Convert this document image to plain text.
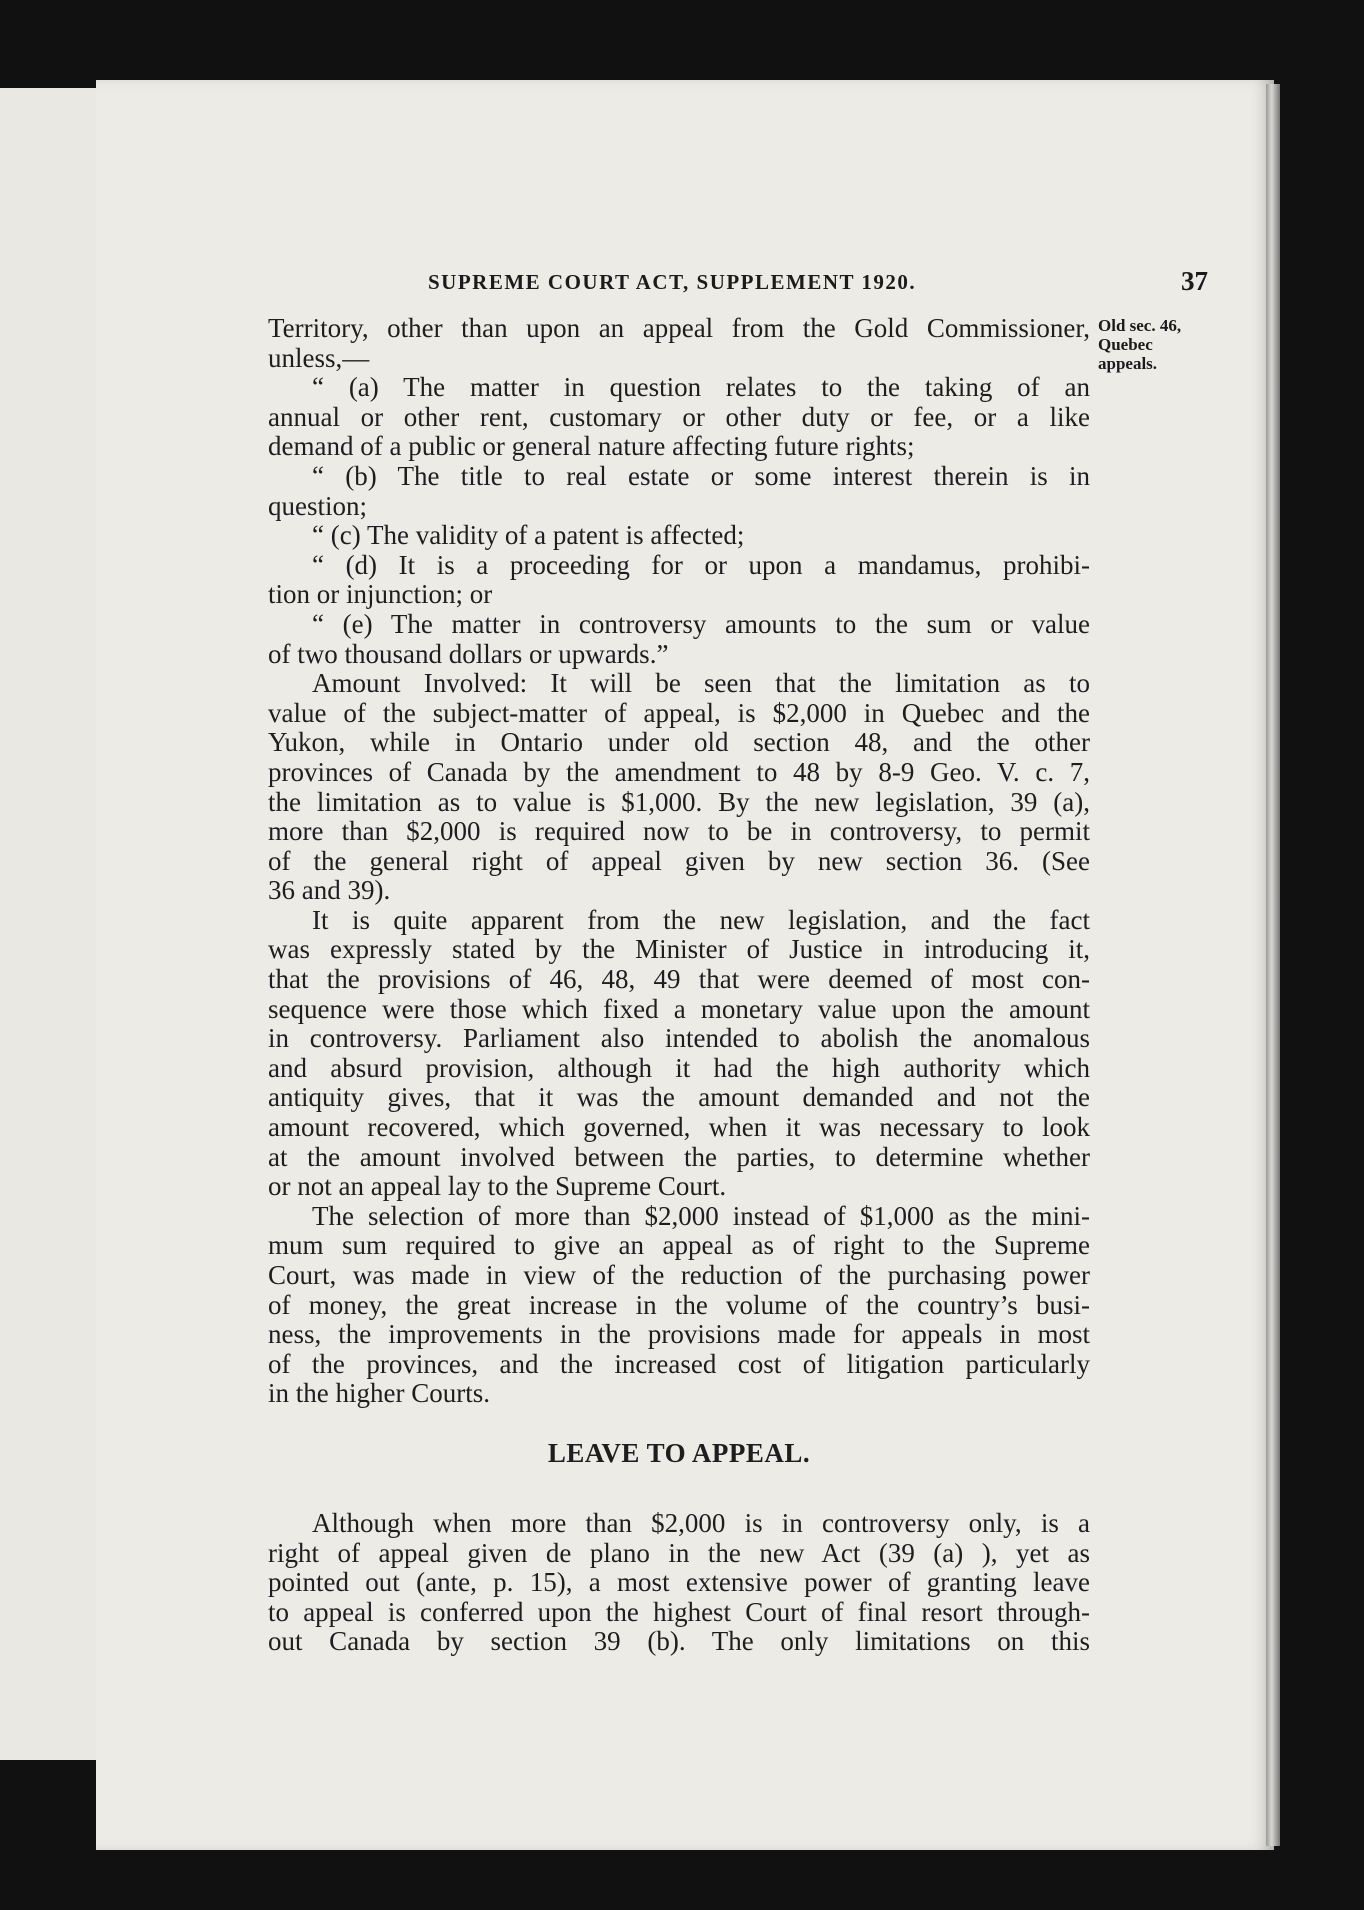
SUPREME COURT ACT, SUPPLEMENT 1920.	37
Old sec. 46,
Quebec
appeals.
Territory, other than upon an appeal from the Gold Commissioner,
unless,—
“ (a) The matter in question relates to the taking of an
annual or other rent, customary or other duty or fee, or a like
demand of a public or general nature affecting future rights;
“ (b) The title to real estate or some interest therein is in
question;
“ (c) The validity of a patent is affected;
“ (d) It is a proceeding for or upon a mandamus, prohibi-
tion or injunction; or
“ (e) The matter in controversy amounts to the sum or value
of two thousand dollars or upwards.”
Amount Involved: It will be seen that the limitation as to
value of the subject-matter of appeal, is $2,000 in Quebec and the
Yukon, while in Ontario under old section 48, and the other
provinces of Canada by the amendment to 48 by 8-9 Geo. V. c. 7,
the limitation as to value is $1,000. By the new legislation, 39 (a),
more than $2,000 is required now to be in controversy, to permit
of the general right of appeal given by new section 36. (See
36 and 39).
It is quite apparent from the new legislation, and the fact
was expressly stated by the Minister of Justice in introducing it,
that the provisions of 46, 48, 49 that were deemed of most con-
sequence were those which fixed a monetary value upon the amount
in controversy. Parliament also intended to abolish the anomalous
and absurd provision, although it had the high authority which
antiquity gives, that it was the amount demanded and not the
amount recovered, which governed, when it was necessary to look
at the amount involved between the parties, to determine whether
or not an appeal lay to the Supreme Court.
The selection of more than $2,000 instead of $1,000 as the mini-
mum sum required to give an appeal as of right to the Supreme
Court, was made in view of the reduction of the purchasing power
of money, the great increase in the volume of the country’s busi-
ness, the improvements in the provisions made for appeals in most
of the provinces, and the increased cost of litigation particularly
in the higher Courts.
LEAVE TO APPEAL.
Although when more than $2,000 is in controversy only, is a
right of appeal given de plano in the new Act (39 (a) ), yet as
pointed out (ante, p. 15), a most extensive power of granting leave
to appeal is conferred upon the highest Court of final resort through-
out Canada by section 39 (b). The only limitations on this
